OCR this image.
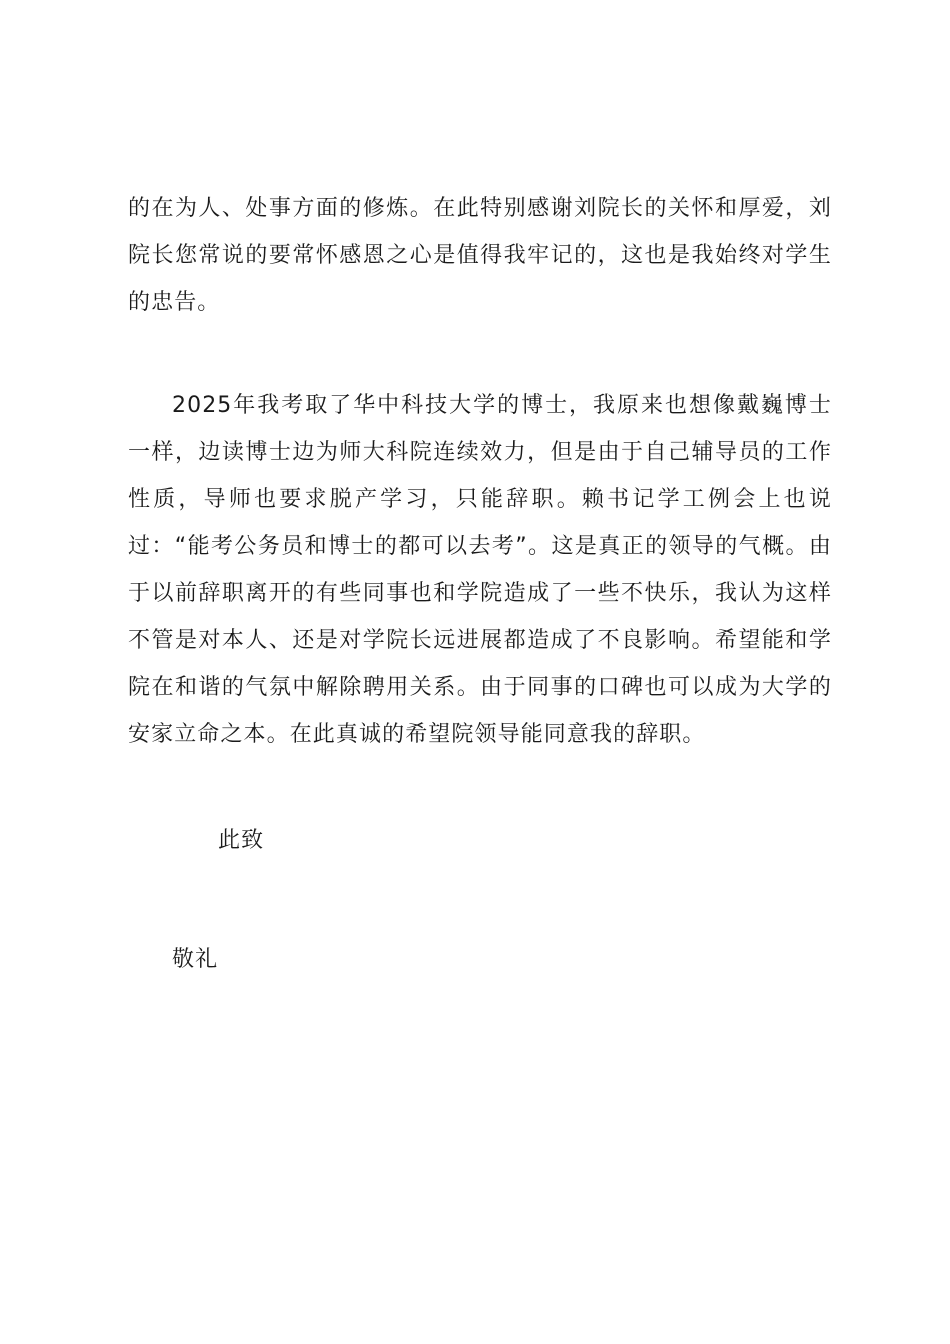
的在为人、处事方面的修炼。在此特别感谢刘院长的关怀和厚爱，刘院长您常说的要常怀感恩之心是值得我牢记的，这也是我始终对学生的忠告。

2025年我考取了华中科技大学的博士，我原来也想像戴巍博士一样，边读博士边为师大科院连续效力，但是由于自己辅导员的工作性质，导师也要求脱产学习，只能辞职。赖书记学工例会上也说过：“能考公务员和博士的都可以去考”。这是真正的领导的气概。由于以前辞职离开的有些同事也和学院造成了一些不快乐，我认为这样不管是对本人、还是对学院长远进展都造成了不良影响。希望能和学院在和谐的气氛中解除聘用关系。由于同事的口碑也可以成为大学的安家立命之本。在此真诚的希望院领导能同意我的辞职。

此致
敬礼
